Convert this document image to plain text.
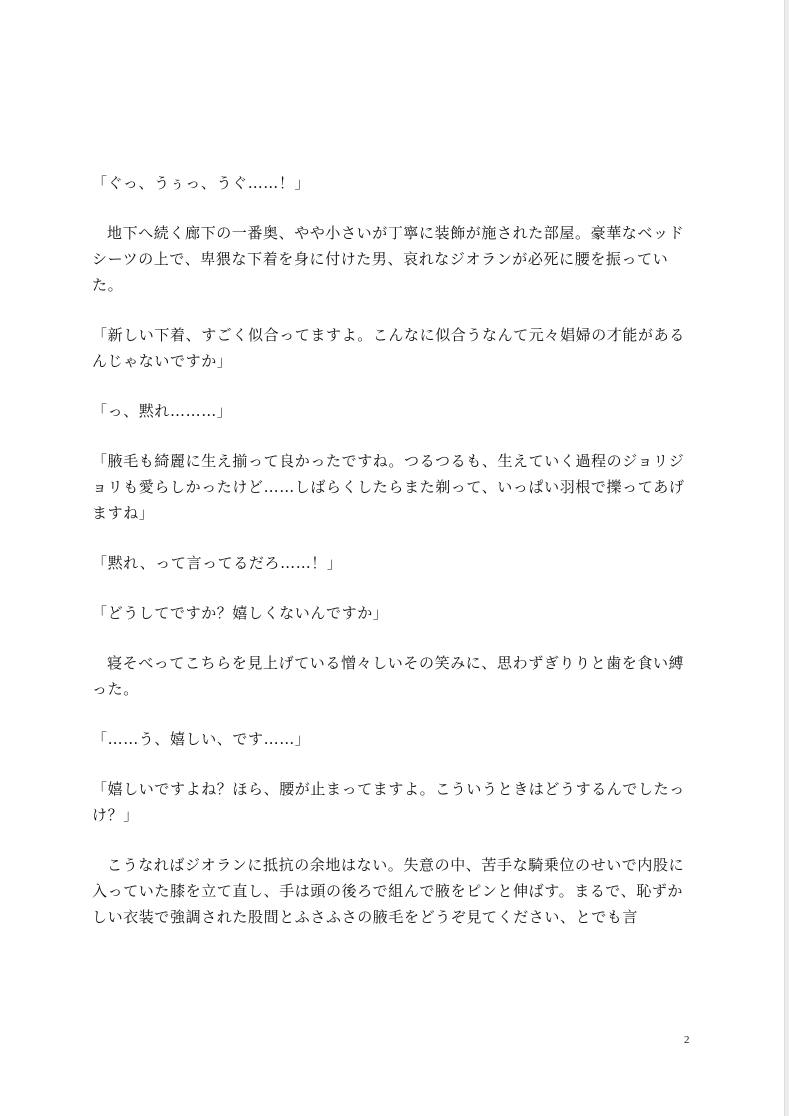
「ぐっ、うぅっ、うぐ……！」

地下へ続く廊下の一番奥、やや小さいが丁寧に装飾が施された部屋。豪華なベッドシーツの上で、卑猥な下着を身に付けた男、哀れなジオランが必死に腰を振っていた。

「新しい下着、すごく似合ってますよ。こんなに似合うなんて元々娼婦の才能があるんじゃないですか」

「っ、黙れ………」

「腋毛も綺麗に生え揃って良かったですね。つるつるも、生えていく過程のジョリジョリも愛らしかったけど……しばらくしたらまた剃って、いっぱい羽根で擽ってあげますね」

「黙れ、って言ってるだろ……！」

「どうしてですか？嬉しくないんですか」

寝そべってこちらを見上げている憎々しいその笑みに、思わずぎりりと歯を食い縛った。

「……う、嬉しい、です……」

「嬉しいですよね？ほら、腰が止まってますよ。こういうときはどうするんでしたっけ？」

こうなればジオランに抵抗の余地はない。失意の中、苦手な騎乗位のせいで内股に入っていた膝を立て直し、手は頭の後ろで組んで腋をピンと伸ばす。まるで、恥ずかしい衣装で強調された股間とふさふさの腋毛をどうぞ見てください、とでも言

2
